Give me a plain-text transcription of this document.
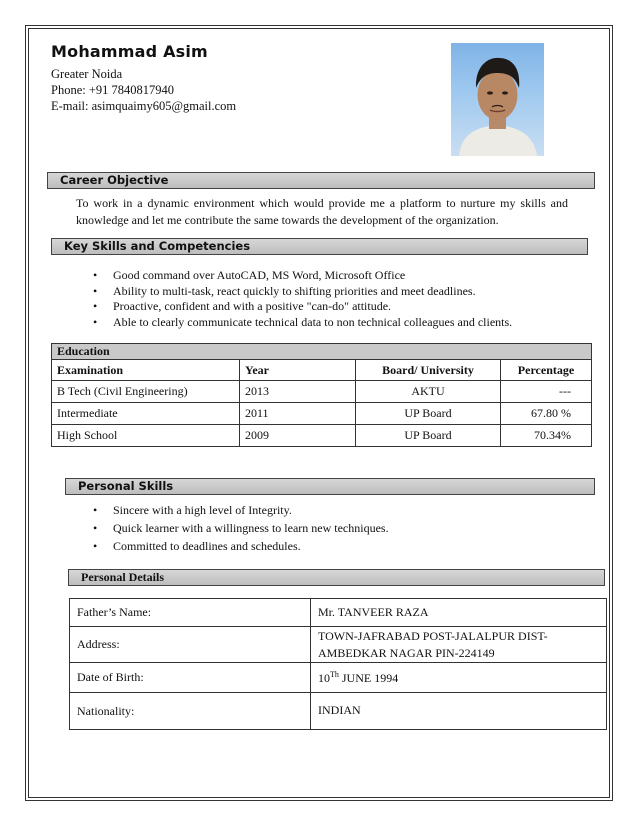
Mohammad Asim
Greater Noida
Phone: +91 7840817940
E-mail: asimquaimy605@gmail.com
Career Objective
To work in a dynamic environment which would provide me a platform to nurture my skills and knowledge and let me contribute the same towards the development of the organization.
Key Skills and Competencies
• Good command over AutoCAD, MS Word, Microsoft Office
• Ability to multi-task, react quickly to shifting priorities and meet deadlines.
• Proactive, confident and with a positive "can-do" attitude.
• Able to clearly communicate technical data to non technical colleagues and clients.
Education			
Examination	Year	Board/ University	Percentage
B Tech (Civil Engineering)	2013	AKTU	---
Intermediate	2011	UP Board	67.80 %
High School	2009	UP Board	70.34%
Personal Skills
• Sincere with a high level of Integrity.
• Quick learner with a willingness to learn new techniques.
• Committed to deadlines and schedules.
Personal Details
Father’s Name:	Mr. TANVEER RAZA
Address:	TOWN-JAFRABAD POST-JALALPUR DIST-
AMBEDKAR NAGAR PIN-224149

Date of Birth:	10Th JUNE 1994
Nationality:	INDIAN
